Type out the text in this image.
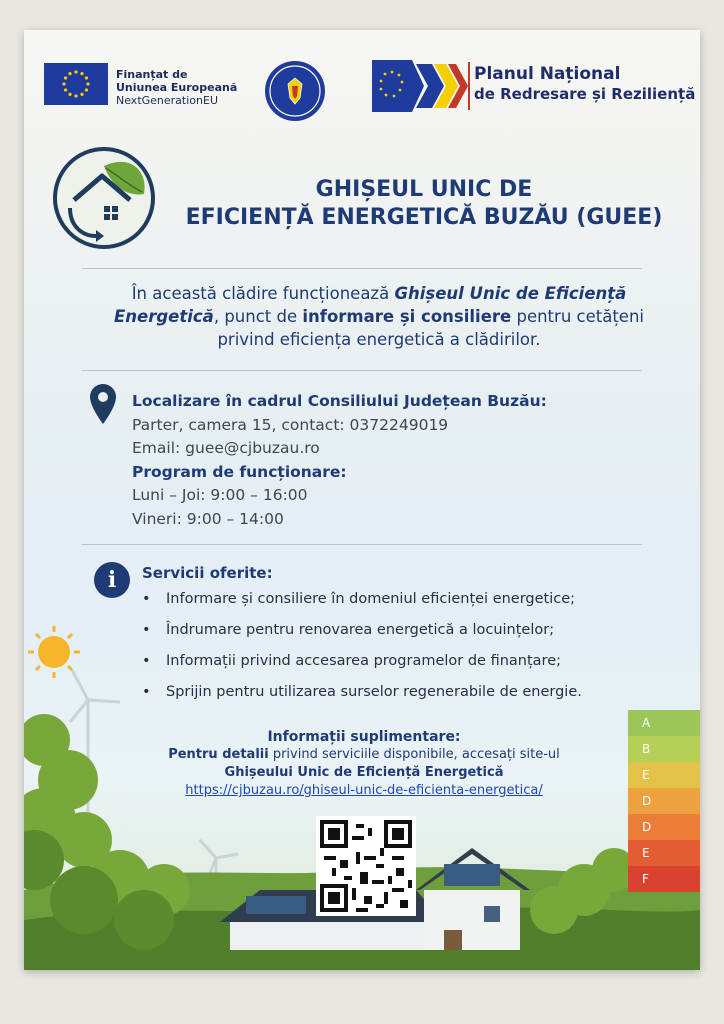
Finanțat de
Uniunea Europeană
NextGenerationEU
Planul Național
de Redresare și Reziliență
GHIȘEUL UNIC DE
EFICIENȚĂ ENERGETICĂ BUZĂU (GUEE)
În această clădire funcționează Ghișeul Unic de Eficiență Energetică, punct de informare și consiliere pentru cetățeni privind eficiența energetică a clădirilor.
Localizare în cadrul Consiliului Județean Buzău:
Parter, camera 15, contact: 0372249019
Email: guee@cjbuzau.ro
Program de funcționare:
Luni – Joi: 9:00 – 16:00
Vineri: 9:00 – 14:00
i	Servicii oferite:
• Informare și consiliere în domeniul eficienței energetice;
• Îndrumare pentru renovarea energetică a locuințelor;
• Informații privind accesarea programelor de finanțare;
• Sprijin pentru utilizarea surselor regenerabile de energie.
Informații suplimentare:
Pentru detalii privind serviciile disponibile, accesați site-ul
Ghișeului Unic de Eficiență Energetică
https://cjbuzau.ro/ghiseul-unic-de-eficienta-energetica/
A
B
E
D
D
E
F
